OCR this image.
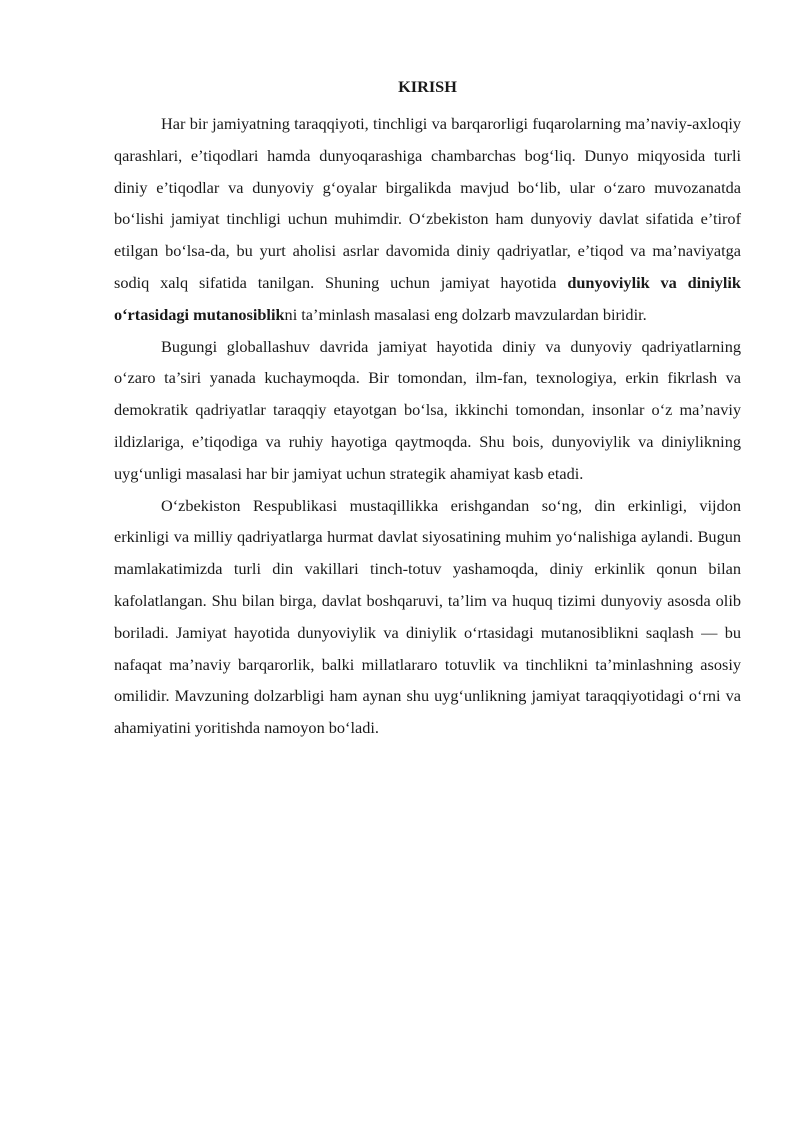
KIRISH

Har bir jamiyatning taraqqiyoti, tinchligi va barqarorligi fuqarolarning ma’naviy-axloqiy qarashlari, e’tiqodlari hamda dunyoqarashiga chambarchas bog‘liq. Dunyo miqyosida turli diniy e’tiqodlar va dunyoviy g‘oyalar birgalikda mavjud bo‘lib, ular o‘zaro muvozanatda bo‘lishi jamiyat tinchligi uchun muhimdir. O‘zbekiston ham dunyoviy davlat sifatida e’tirof etilgan bo‘lsa-da, bu yurt aholisi asrlar davomida diniy qadriyatlar, e’tiqod va ma’naviyatga sodiq xalq sifatida tanilgan. Shuning uchun jamiyat hayotida dunyoviylik va diniylik o‘rtasidagi mutanosiblikni ta’minlash masalasi eng dolzarb mavzulardan biridir.

Bugungi globallashuv davrida jamiyat hayotida diniy va dunyoviy qadriyatlarning o‘zaro ta’siri yanada kuchaymoqda. Bir tomondan, ilm-fan, texnologiya, erkin fikrlash va demokratik qadriyatlar taraqqiy etayotgan bo‘lsa, ikkinchi tomondan, insonlar o‘z ma’naviy ildizlariga, e’tiqodiga va ruhiy hayotiga qaytmoqda. Shu bois, dunyoviylik va diniylikning uyg‘unligi masalasi har bir jamiyat uchun strategik ahamiyat kasb etadi.

O‘zbekiston Respublikasi mustaqillikka erishgandan so‘ng, din erkinligi, vijdon erkinligi va milliy qadriyatlarga hurmat davlat siyosatining muhim yo‘nalishiga aylandi. Bugun mamlakatimizda turli din vakillari tinch-totuv yashamoqda, diniy erkinlik qonun bilan kafolatlangan. Shu bilan birga, davlat boshqaruvi, ta’lim va huquq tizimi dunyoviy asosda olib boriladi. Jamiyat hayotida dunyoviylik va diniylik o‘rtasidagi mutanosiblikni saqlash — bu nafaqat ma’naviy barqarorlik, balki millatlararo totuvlik va tinchlikni ta’minlashning asosiy omilidir. Mavzuning dolzarbligi ham aynan shu uyg‘unlikning jamiyat taraqqiyotidagi o‘rni va ahamiyatini yoritishda namoyon bo‘ladi.
